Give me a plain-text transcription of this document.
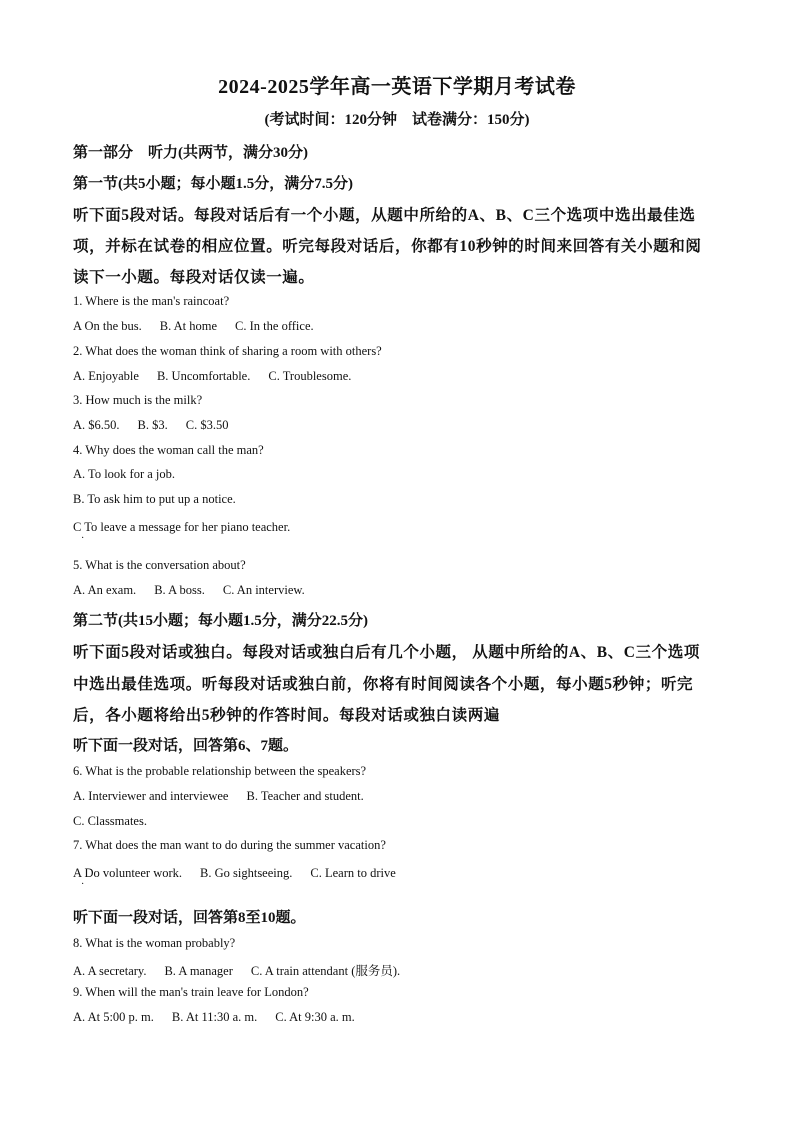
2024-2025学年高一英语下学期月考试卷
(考试时间：120分钟　试卷满分：150分)
第一部分　听力(共两节，满分30分)
第一节(共5小题；每小题1.5分，满分7.5分)
听下面5段对话。每段对话后有一个小题，从题中所给的A、B、C三个选项中选出最佳选
项，并标在试卷的相应位置。听完每段对话后，你都有10秒钟的时间来回答有关小题和阅
读下一小题。每段对话仅读一遍。
1. Where is the man's raincoat?
A On the bus. B. At home C. In the office.
2. What does the woman think of sharing a room with others?
A. Enjoyable B. Uncomfortable. C. Troublesome.
3. How much is the milk?
A. $6.50. B. $3. C. $3.50
4. Why does the woman call the man?
A. To look for a job.
B. To ask him to put up a notice.
C To leave a message for her piano teacher.
·
5. What is the conversation about?
A. An exam. B. A boss. C. An interview.
第二节(共15小题；每小题1.5分，满分22.5分)
听下面5段对话或独白。每段对话或独白后有几个小题， 从题中所给的A、B、C三个选项
中选出最佳选项。听每段对话或独白前，你将有时间阅读各个小题，每小题5秒钟；听完
后，各小题将给出5秒钟的作答时间。每段对话或独白读两遍
听下面一段对话，回答第6、7题。
6. What is the probable relationship between the speakers?
A. Interviewer and interviewee B. Teacher and student.
C. Classmates.
7. What does the man want to do during the summer vacation?
A Do volunteer work. B. Go sightseeing. C. Learn to drive
·
听下面一段对话，回答第8至10题。
8. What is the woman probably?
A. A secretary. B. A manager C. A train attendant (服务员).
9. When will the man's train leave for London?
A. At 5:00 p. m. B. At 11:30 a. m. C. At 9:30 a. m.
